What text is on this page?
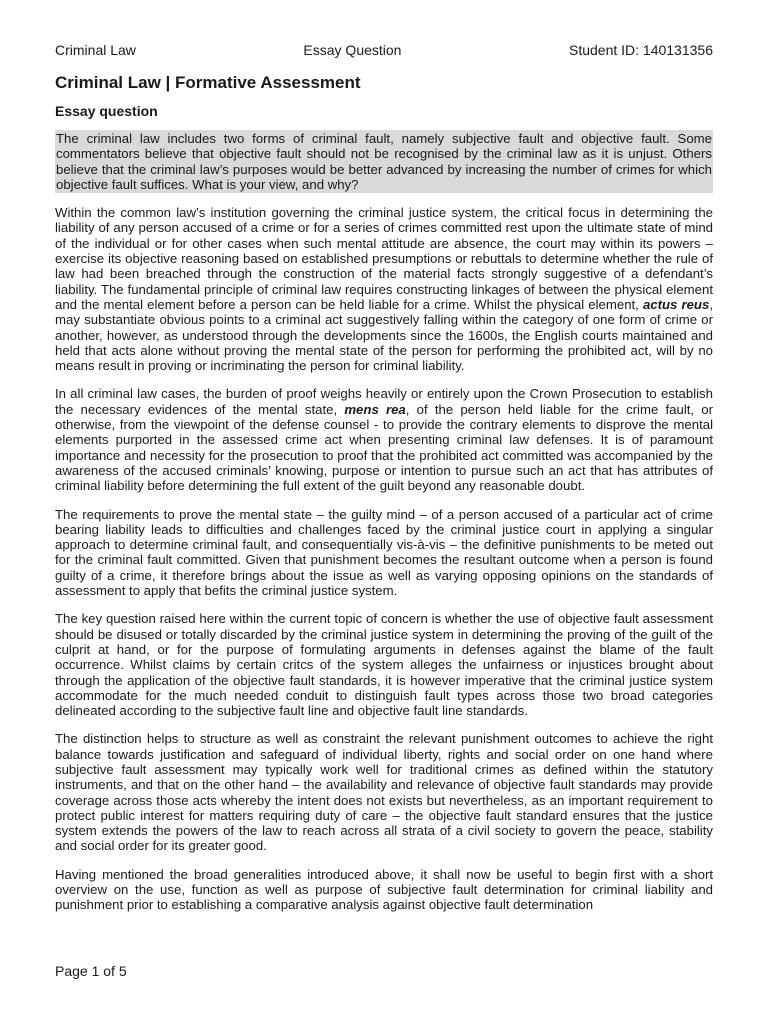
Criminal Law	Essay Question	Student ID: 140131356
Criminal Law | Formative Assessment
Essay question

The criminal law includes two forms of criminal fault, namely subjective fault and objective fault. Some commentators believe that objective fault should not be recognised by the criminal law as it is unjust. Others believe that the criminal law’s purposes would be better advanced by increasing the number of crimes for which objective fault suffices. What is your view, and why?

Within the common law’s institution governing the criminal justice system, the critical focus in determining the liability of any person accused of a crime or for a series of crimes committed rest upon the ultimate state of mind of the individual or for other cases when such mental attitude are absence, the court may within its powers – exercise its objective reasoning based on established presumptions or rebuttals to determine whether the rule of law had been breached through the construction of the material facts strongly suggestive of a defendant’s liability. The fundamental principle of criminal law requires constructing linkages of between the physical element and the mental element before a person can be held liable for a crime. Whilst the physical element, actus reus, may substantiate obvious points to a criminal act suggestively falling within the category of one form of crime or another, however, as understood through the developments since the 1600s, the English courts maintained and held that acts alone without proving the mental state of the person for performing the prohibited act, will by no means result in proving or incriminating the person for criminal liability.

In all criminal law cases, the burden of proof weighs heavily or entirely upon the Crown Prosecution to establish the necessary evidences of the mental state, mens rea, of the person held liable for the crime fault, or otherwise, from the viewpoint of the defense counsel - to provide the contrary elements to disprove the mental elements purported in the assessed crime act when presenting criminal law defenses. It is of paramount importance and necessity for the prosecution to proof that the prohibited act committed was accompanied by the awareness of the accused criminals’ knowing, purpose or intention to pursue such an act that has attributes of criminal liability before determining the full extent of the guilt beyond any reasonable doubt.

The requirements to prove the mental state – the guilty mind – of a person accused of a particular act of crime bearing liability leads to difficulties and challenges faced by the criminal justice court in applying a singular approach to determine criminal fault, and consequentially vis-à-vis – the definitive punishments to be meted out for the criminal fault committed. Given that punishment becomes the resultant outcome when a person is found guilty of a crime, it therefore brings about the issue as well as varying opposing opinions on the standards of assessment to apply that befits the criminal justice system.

The key question raised here within the current topic of concern is whether the use of objective fault assessment should be disused or totally discarded by the criminal justice system in determining the proving of the guilt of the culprit at hand, or for the purpose of formulating arguments in defenses against the blame of the fault occurrence. Whilst claims by certain critcs of the system alleges the unfairness or injustices brought about through the application of the objective fault standards, it is however imperative that the criminal justice system accommodate for the much needed conduit to distinguish fault types across those two broad categories delineated according to the subjective fault line and objective fault line standards.

The distinction helps to structure as well as constraint the relevant punishment outcomes to achieve the right balance towards justification and safeguard of individual liberty, rights and social order on one hand where subjective fault assessment may typically work well for traditional crimes as defined within the statutory instruments, and that on the other hand – the availability and relevance of objective fault standards may provide coverage across those acts whereby the intent does not exists but nevertheless, as an important requirement to protect public interest for matters requiring duty of care – the objective fault standard ensures that the justice system extends the powers of the law to reach across all strata of a civil society to govern the peace, stability and social order for its greater good.

Having mentioned the broad generalities introduced above, it shall now be useful to begin first with a short overview on the use, function as well as purpose of subjective fault determination for criminal liability and punishment prior to establishing a comparative analysis against objective fault determination

Page 1 of 5
